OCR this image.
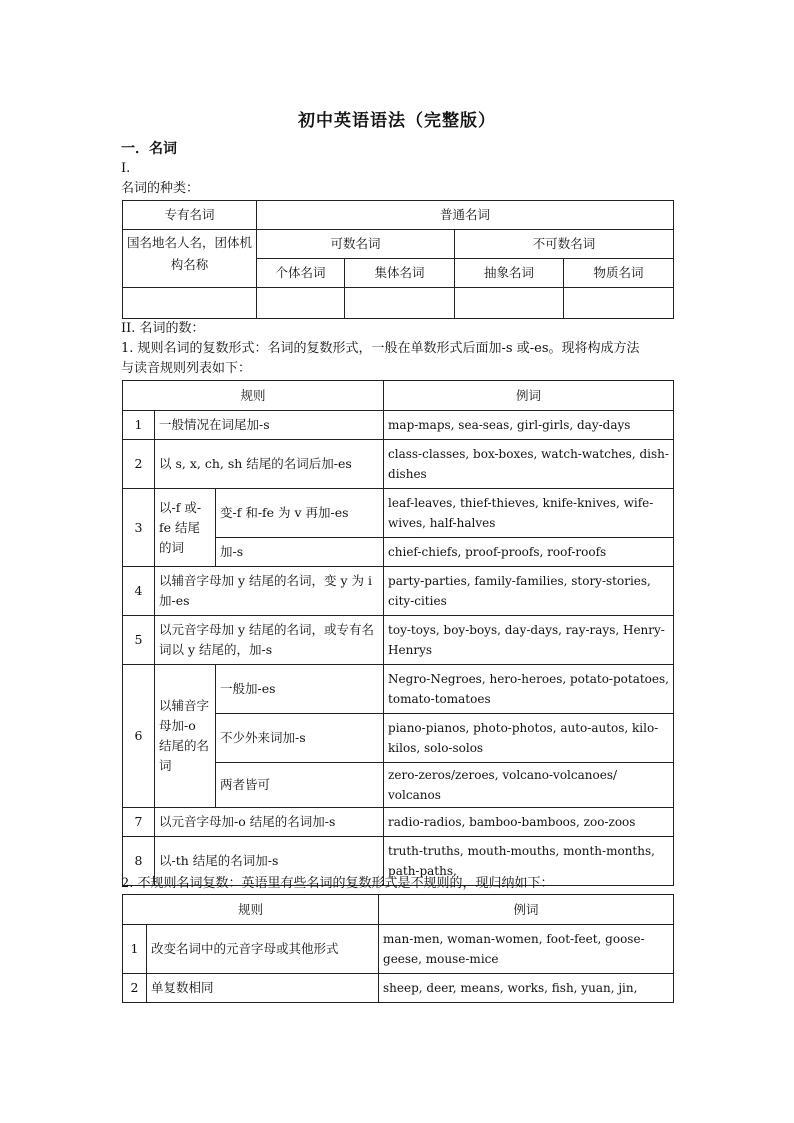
初中英语语法（完整版）
一．名词
I.
名词的种类：
专有名词	普通名词			
国名地名人名，团体机构名称	可数名词		不可数名词	
	个体名词	集体名词	抽象名词	物质名词

II. 名词的数：
1. 规则名词的复数形式：名词的复数形式，一般在单数形式后面加-s 或-es。现将构成方法
与读音规则列表如下：
规则			例词
1	一般情况在词尾加-s		map-maps, sea-seas, girl-girls, day-days
2	以 s, x, ch, sh 结尾的名词后加-es		class-classes, box-boxes, watch-watches, dish-dishes
3	以-f 或-fe 结尾的词	变-f 和-fe 为 v 再加-es	leaf-leaves, thief-thieves, knife-knives, wife-wives, half-halves
		加-s	chief-chiefs, proof-proofs, roof-roofs
4	以辅音字母加 y 结尾的名词，变 y 为 i 加-es		party-parties, family-families, story-stories, city-cities
5	以元音字母加 y 结尾的名词，或专有名词以 y 结尾的，加-s		toy-toys, boy-boys, day-days, ray-rays, Henry-Henrys
6	以辅音字母加-o 结尾的名词	一般加-es	Negro-Negroes, hero-heroes, potato-potatoes, tomato-tomatoes
		不少外来词加-s	piano-pianos, photo-photos, auto-autos, kilo-kilos, solo-solos
		两者皆可	zero-zeros/zeroes, volcano-volcanoes/ volcanos
7	以元音字母加-o 结尾的名词加-s		radio-radios, bamboo-bamboos, zoo-zoos
8	以-th 结尾的名词加-s		truth-truths, mouth-mouths, month-months, path-paths,
2. 不规则名词复数：英语里有些名词的复数形式是不规则的，现归纳如下：
规则		例词
1	改变名词中的元音字母或其他形式	man-men, woman-women, foot-feet, goose-geese, mouse-mice
2	单复数相同	sheep, deer, means, works, fish, yuan, jin,
